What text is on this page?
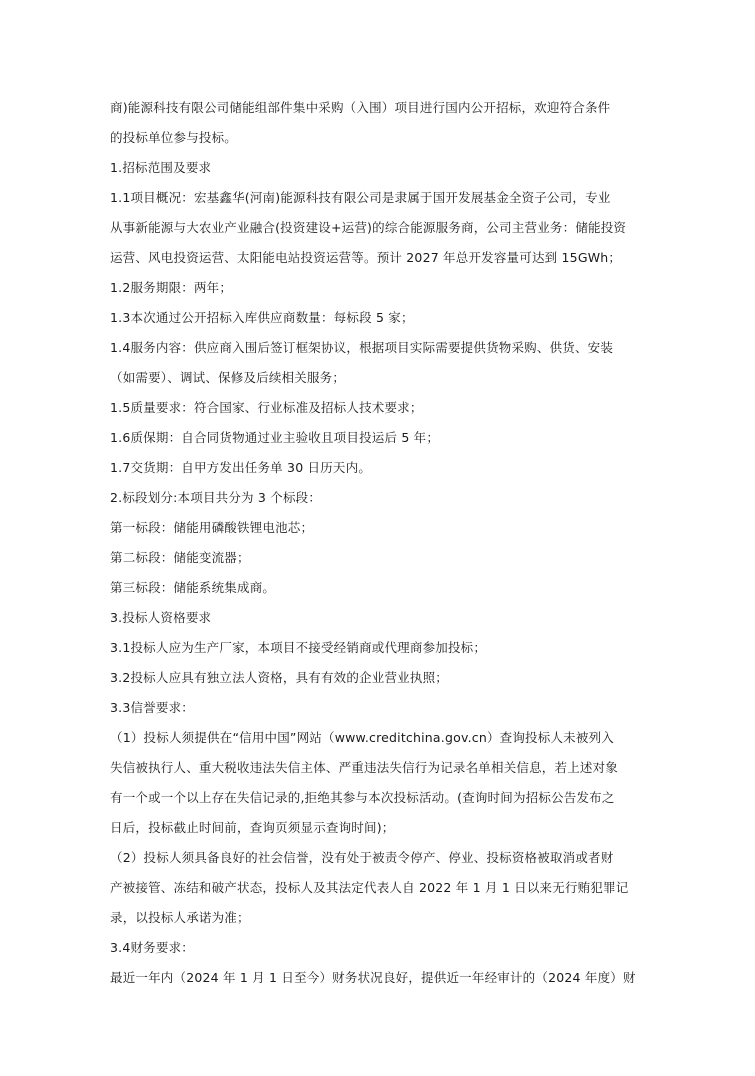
商)能源科技有限公司储能组部件集中采购（入围）项目进行国内公开招标，欢迎符合条件
的投标单位参与投标。
1.招标范围及要求
1.1项目概况：宏基鑫华(河南)能源科技有限公司是隶属于国开发展基金全资子公司，专业
从事新能源与大农业产业融合(投资建设+运营)的综合能源服务商，公司主营业务：储能投资
运营、风电投资运营、太阳能电站投资运营等。预计 2027 年总开发容量可达到 15GWh；
1.2服务期限：两年；
1.3本次通过公开招标入库供应商数量：每标段 5 家；
1.4服务内容：供应商入围后签订框架协议，根据项目实际需要提供货物采购、供货、安装
（如需要）、调试、保修及后续相关服务；
1.5质量要求：符合国家、行业标准及招标人技术要求；
1.6质保期：自合同货物通过业主验收且项目投运后 5 年；
1.7交货期：自甲方发出任务单 30 日历天内。
2.标段划分:本项目共分为 3 个标段：
第一标段：储能用磷酸铁锂电池芯；
第二标段：储能变流器；
第三标段：储能系统集成商。
3.投标人资格要求
3.1投标人应为生产厂家，本项目不接受经销商或代理商参加投标；
3.2投标人应具有独立法人资格，具有有效的企业营业执照；
3.3信誉要求：
（1）投标人须提供在“信用中国”网站（www.creditchina.gov.cn）查询投标人未被列入
失信被执行人、重大税收违法失信主体、严重违法失信行为记录名单相关信息，若上述对象
有一个或一个以上存在失信记录的,拒绝其参与本次投标活动。(查询时间为招标公告发布之
日后，投标截止时间前，查询页须显示查询时间)；
（2）投标人须具备良好的社会信誉，没有处于被责令停产、停业、投标资格被取消或者财
产被接管、冻结和破产状态，投标人及其法定代表人自 2022 年 1 月 1 日以来无行贿犯罪记
录，以投标人承诺为准；
3.4财务要求：
最近一年内（2024 年 1 月 1 日至今）财务状况良好，提供近一年经审计的（2024 年度）财
